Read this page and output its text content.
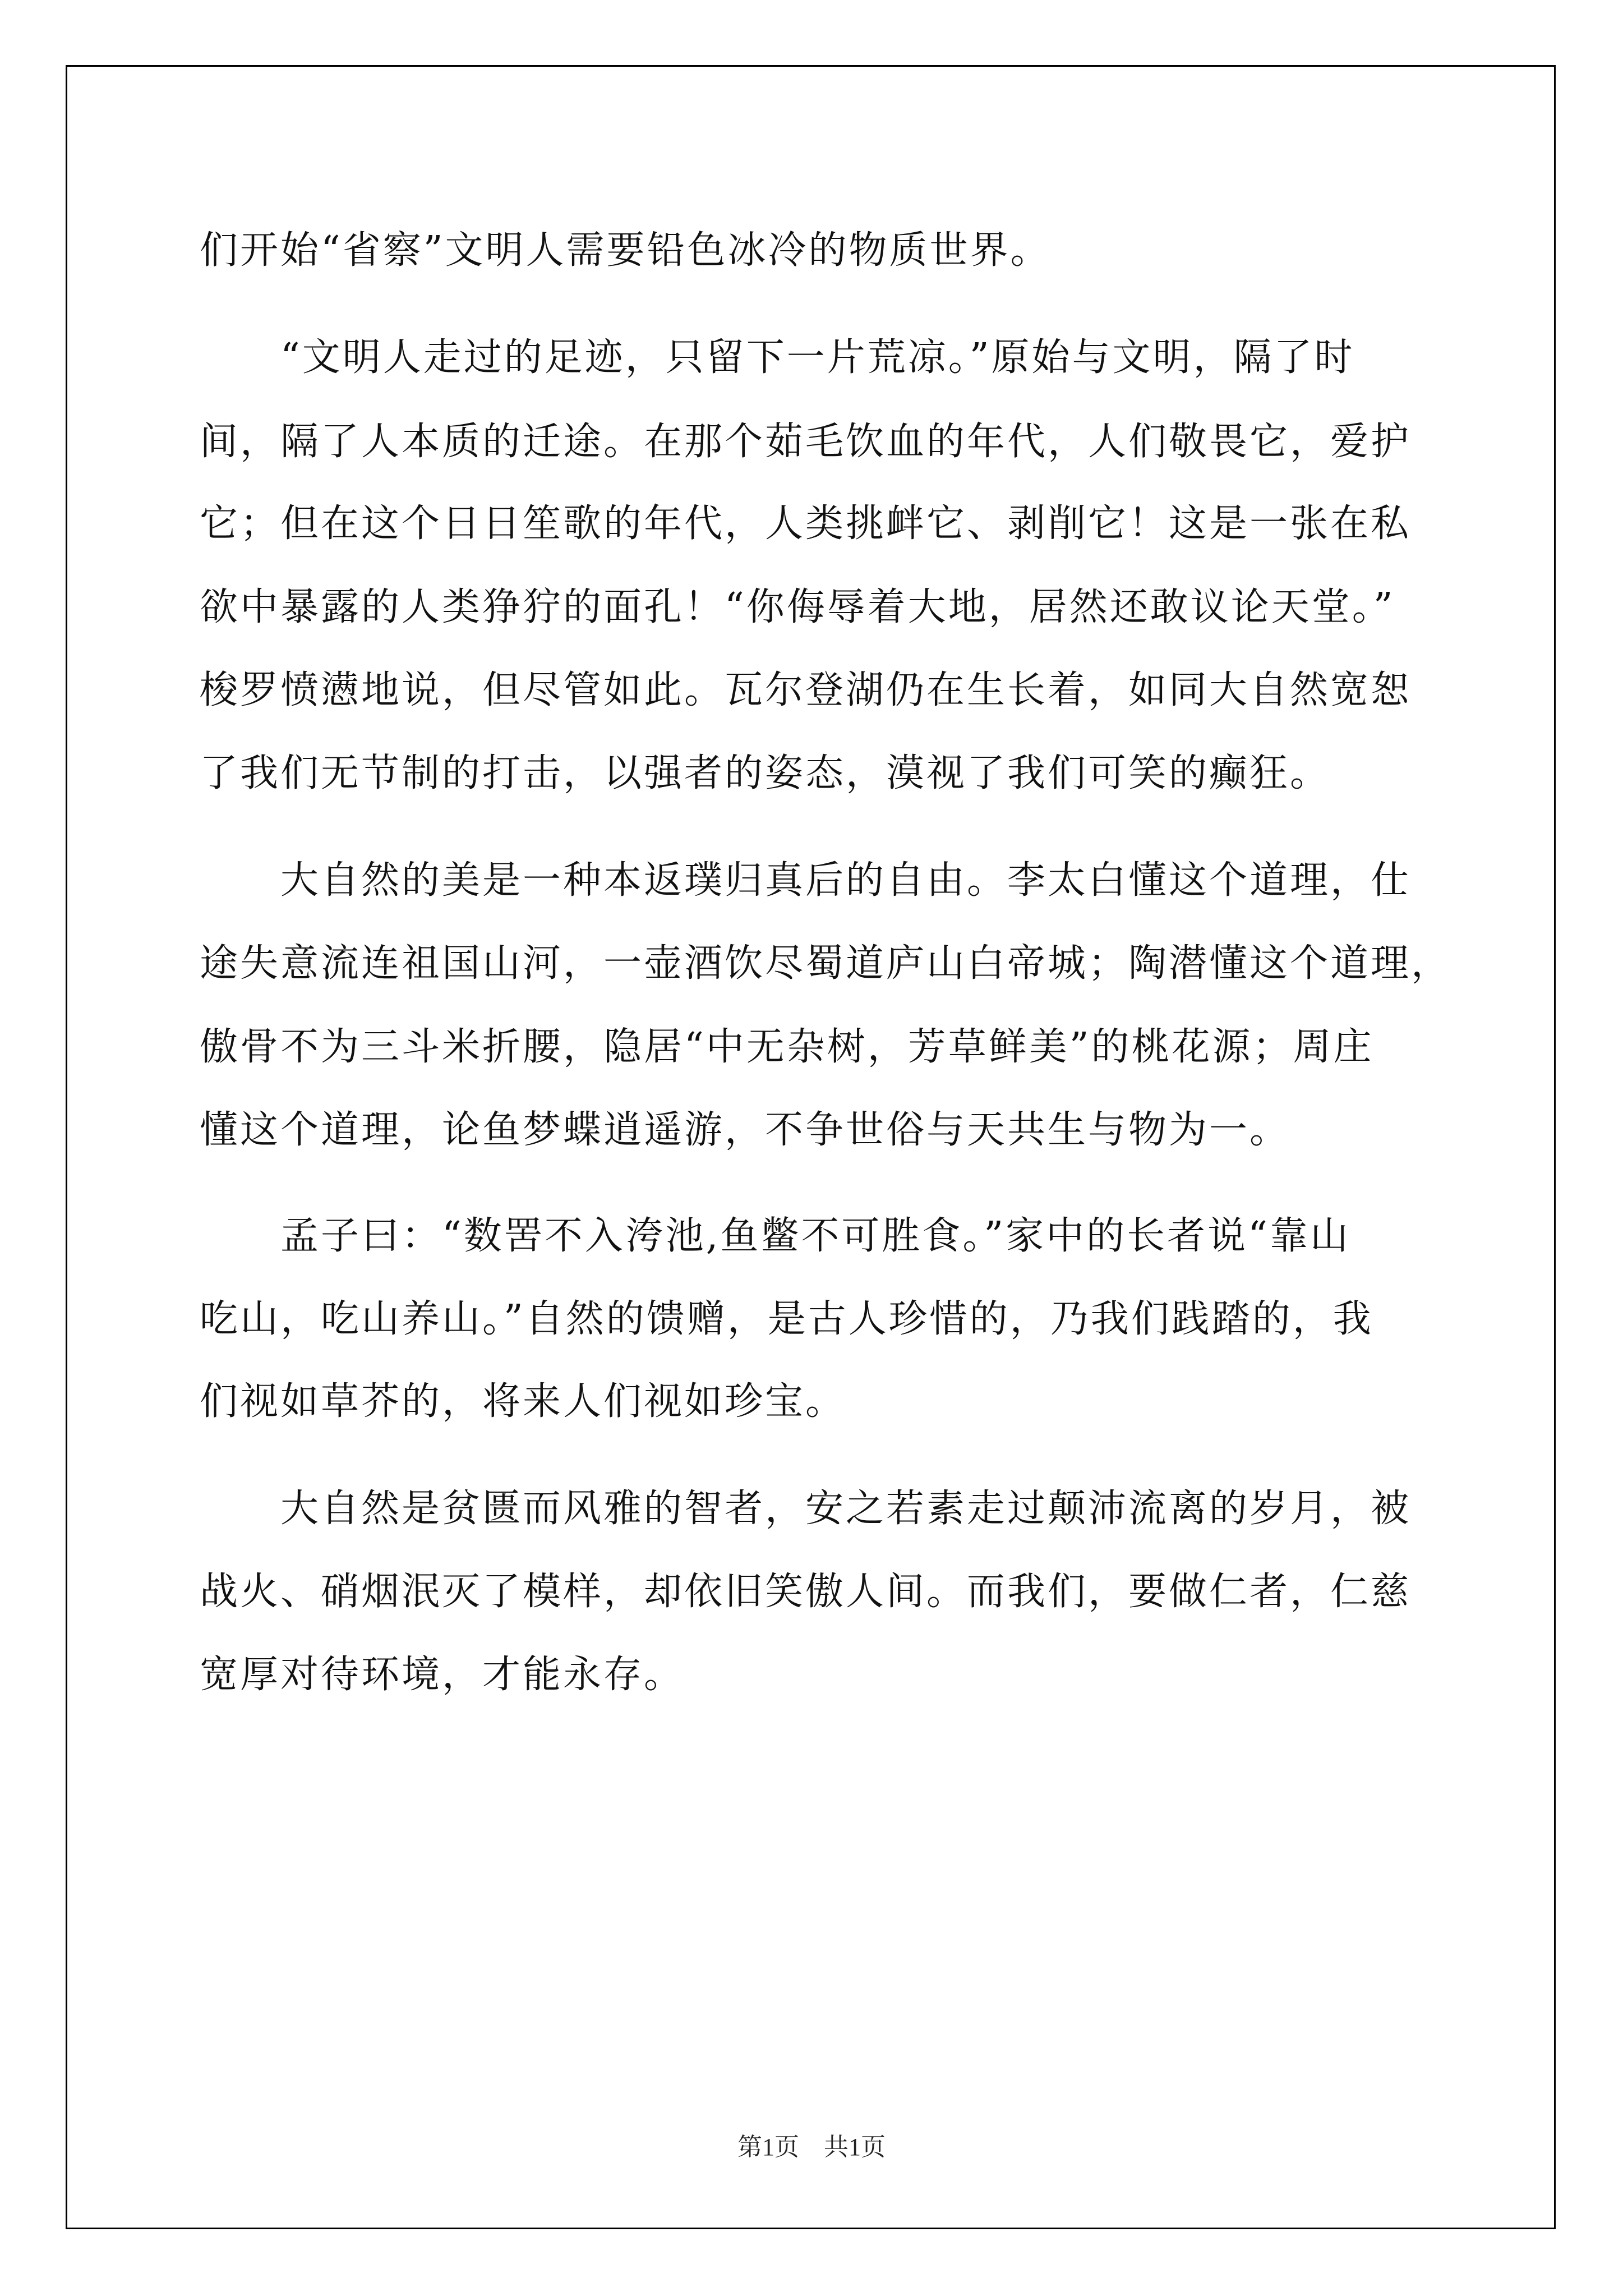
们开始“省察”文明人需要铅色冰冷的物质世界。
“文明人走过的足迹，只留下一片荒凉。”原始与文明，隔了时
间，隔了人本质的迁途。在那个茹毛饮血的年代，人们敬畏它，爱护
它；但在这个日日笙歌的年代，人类挑衅它、剥削它！这是一张在私
欲中暴露的人类狰狞的面孔！“你侮辱着大地，居然还敢议论天堂。”
梭罗愤懑地说，但尽管如此。瓦尔登湖仍在生长着，如同大自然宽恕
了我们无节制的打击，以强者的姿态，漠视了我们可笑的癫狂。
大自然的美是一种本返璞归真后的自由。李太白懂这个道理，仕
途失意流连祖国山河，一壶酒饮尽蜀道庐山白帝城；陶潜懂这个道理，
傲骨不为三斗米折腰，隐居“中无杂树，芳草鲜美”的桃花源；周庄
懂这个道理，论鱼梦蝶逍遥游，不争世俗与天共生与物为一。
孟子曰：“数罟不入洿池,鱼鳖不可胜食。”家中的长者说“靠山
吃山，吃山养山。”自然的馈赠，是古人珍惜的，乃我们践踏的，我
们视如草芥的，将来人们视如珍宝。
大自然是贫匮而风雅的智者，安之若素走过颠沛流离的岁月，被
战火、硝烟泯灭了模样，却依旧笑傲人间。而我们，要做仁者，仁慈
宽厚对待环境，才能永存。
第1页　共1页
